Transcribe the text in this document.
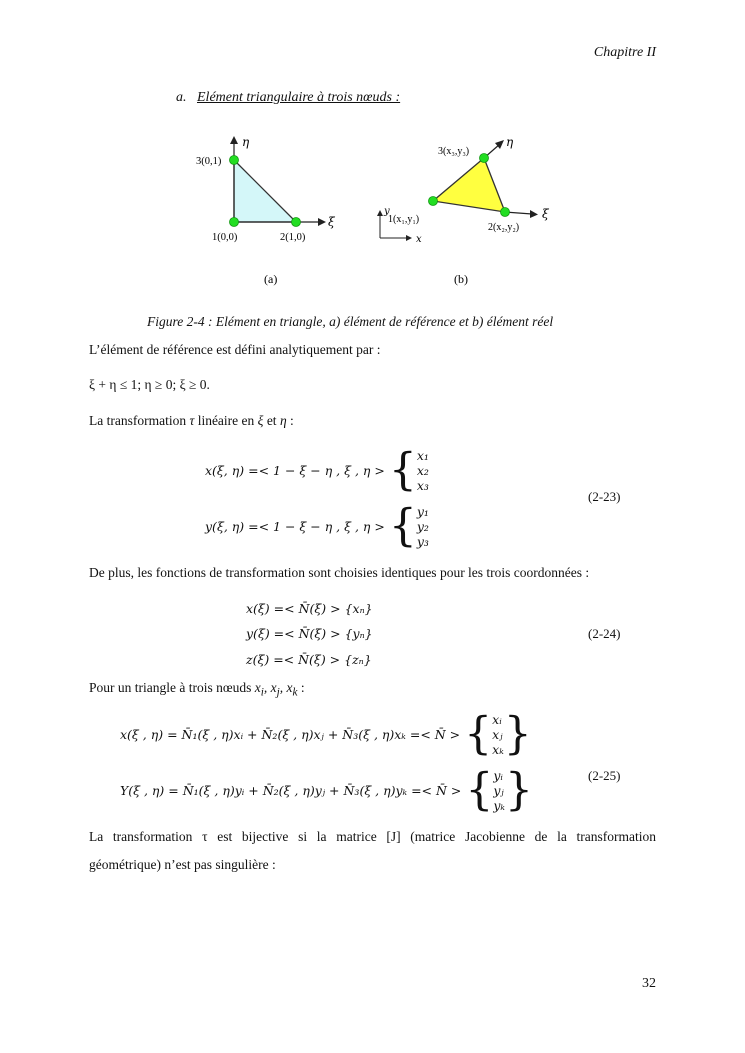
Chapitre II
a. Elément triangulaire à trois nœuds :
η
ξ
3(0,1)
1(0,0)	2(1,0)
(a)
y
x
η
ξ
3(x₃,y₃)
1(x₁,y₁)
2(x₂,y₂)
(b)
Figure 2-4 : Elément en triangle, a) élément de référence et b) élément réel
L’élément de référence est défini analytiquement par :
ξ + η ≤ 1; η ≥ 0; ξ ≥ 0.
La transformation τ linéaire en ξ et η :
x(ξ, η) =< 1 − ξ − η , ξ , η > { x₁
x₂
x₃
y(ξ, η) =< 1 − ξ − η , ξ , η > { y₁
y₂
y₃
(2-23)
De plus, les fonctions de transformation sont choisies identiques pour les trois coordonnées :
x(ξ) =< N̄(ξ) > {xₙ}
y(ξ) =< N̄(ξ) > {yₙ}
z(ξ) =< N̄(ξ) > {zₙ}
(2-24)
Pour un triangle à trois nœuds $x_i$, $x_j$, $x_k$ :
x(ξ , η) = N̄₁(ξ , η)xᵢ + N̄₂(ξ , η)xⱼ + N̄₃(ξ , η)xₖ =< N̄ > { xᵢ
xⱼ
xₖ }
Y(ξ , η) = N̄₁(ξ , η)yᵢ + N̄₂(ξ , η)yⱼ + N̄₃(ξ , η)yₖ =< N̄ > { yᵢ
yⱼ
yₖ }	(2-25)
La transformation τ est bijective si la matrice [J] (matrice Jacobienne de la transformation
géométrique) n’est pas singulière :
32
